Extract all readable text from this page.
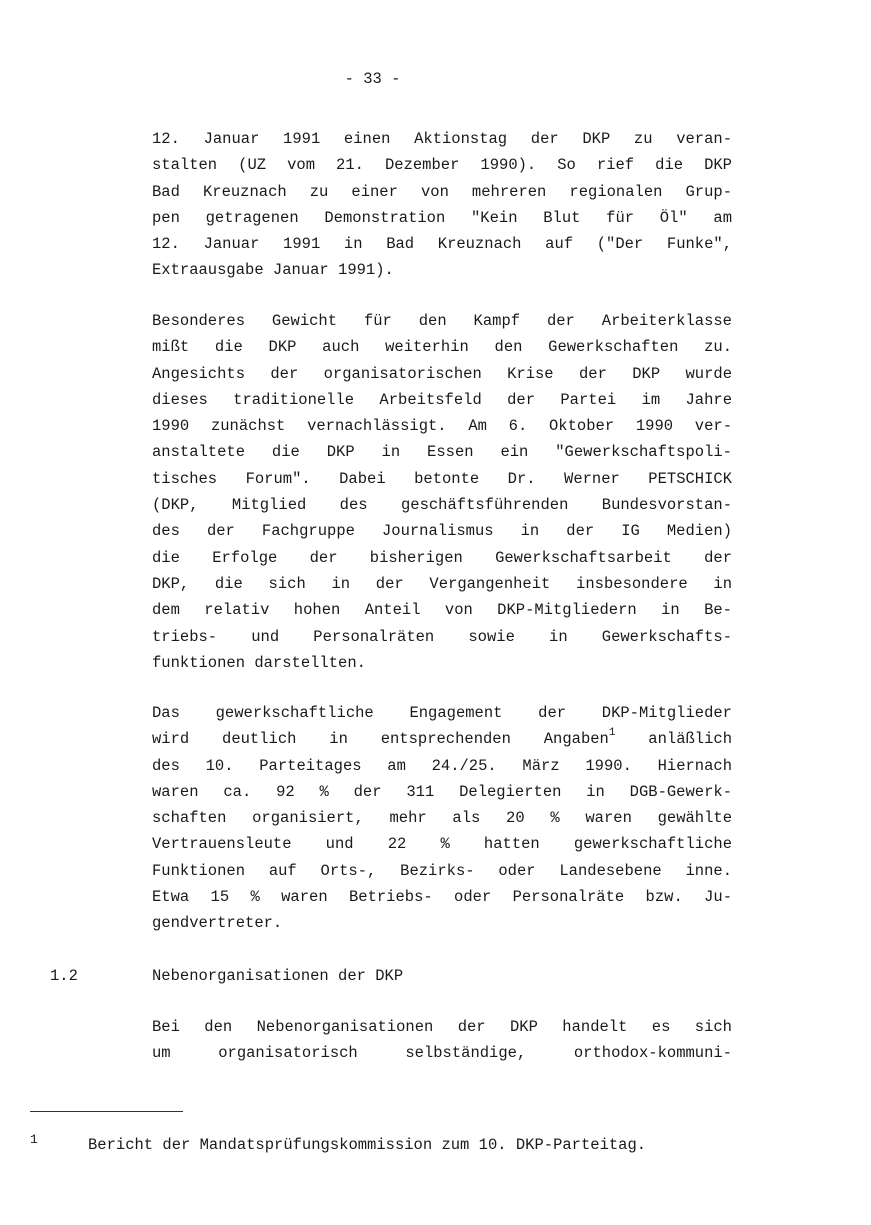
- 33 -

12. Januar 1991 einen Aktionstag der DKP zu veran-
stalten (UZ vom 21. Dezember 1990). So rief die DKP
Bad Kreuznach zu einer von mehreren regionalen Grup-
pen getragenen Demonstration "Kein Blut für Öl" am
12. Januar 1991 in Bad Kreuznach auf ("Der Funke",
Extraausgabe Januar 1991).

Besonderes Gewicht für den Kampf der Arbeiterklasse
mißt die DKP auch weiterhin den Gewerkschaften zu.
Angesichts der organisatorischen Krise der DKP wurde
dieses traditionelle Arbeitsfeld der Partei im Jahre
1990 zunächst vernachlässigt. Am 6. Oktober 1990 ver-
anstaltete die DKP in Essen ein "Gewerkschaftspoli-
tisches Forum". Dabei betonte Dr. Werner PETSCHICK
(DKP, Mitglied des geschäftsführenden Bundesvorstan-
des der Fachgruppe Journalismus in der IG Medien)
die Erfolge der bisherigen Gewerkschaftsarbeit der
DKP, die sich in der Vergangenheit insbesondere in
dem relativ hohen Anteil von DKP-Mitgliedern in Be-
triebs- und Personalräten sowie in Gewerkschafts-
funktionen darstellten.

Das gewerkschaftliche Engagement der DKP-Mitglieder
wird deutlich in entsprechenden Angaben$^1$ anläßlich
des 10. Parteitages am 24./25. März 1990. Hiernach
waren ca. 92 % der 311 Delegierten in DGB-Gewerk-
schaften organisiert, mehr als 20 % waren gewählte
Vertrauensleute und 22 % hatten gewerkschaftliche
Funktionen auf Orts-, Bezirks- oder Landesebene inne.
Etwa 15 % waren Betriebs- oder Personalräte bzw. Ju-
gendvertreter.

1.2	Nebenorganisationen der DKP

Bei den Nebenorganisationen der DKP handelt es sich
um organisatorisch selbständige, orthodox-kommuni-

1	Bericht der Mandatsprüfungskommission zum 10. DKP-Parteitag.
